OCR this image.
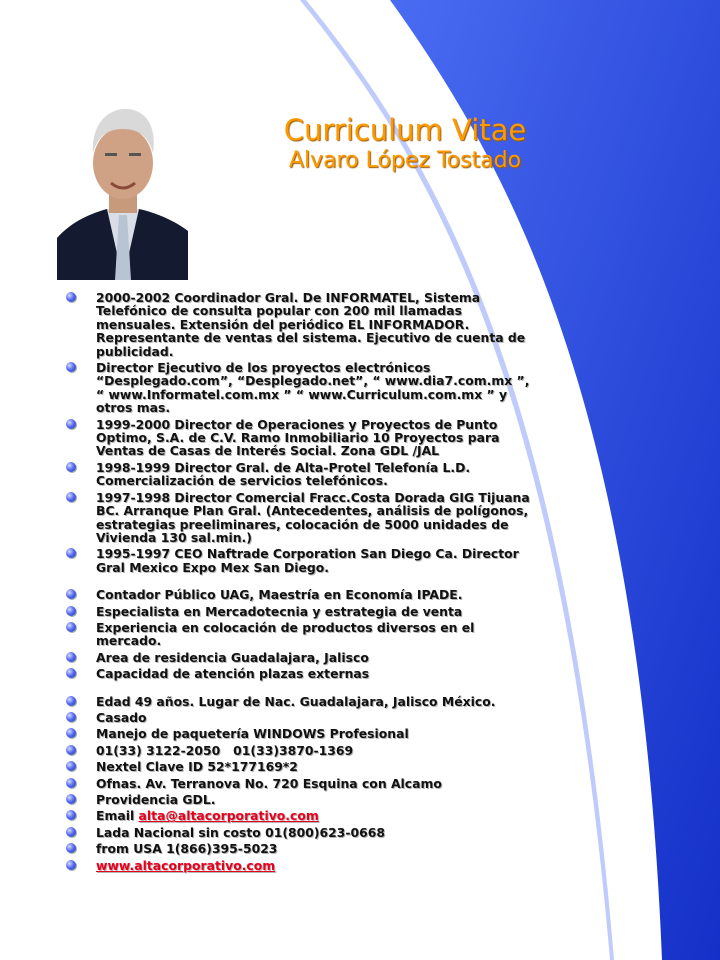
Curriculum Vitae
Alvaro López Tostado
2000-2002 Coordinador Gral. De INFORMATEL, Sistema Telefónico de consulta popular con 200 mil llamadas mensuales. Extensión del periódico EL INFORMADOR. Representante de ventas del sistema. Ejecutivo de cuenta de publicidad.
Director Ejecutivo de los proyectos electrónicos “Desplegado.com”, “Desplegado.net”, “ www.dia7.com.mx ”, “ www.Informatel.com.mx ” “ www.Curriculum.com.mx ” y otros mas.
1999-2000 Director de Operaciones y Proyectos de Punto Optimo, S.A. de C.V. Ramo Inmobiliario 10 Proyectos para Ventas de Casas de Interés Social. Zona GDL /JAL
1998-1999 Director Gral. de Alta-Protel Telefonía L.D. Comercialización de servicios telefónicos.
1997-1998 Director Comercial Fracc.Costa Dorada GIG Tijuana BC. Arranque Plan Gral. (Antecedentes, análisis de polígonos, estrategias preeliminares, colocación de 5000 unidades de Vivienda 130 sal.min.)
1995-1997 CEO Naftrade Corporation San Diego Ca. Director Gral Mexico Expo Mex San Diego.
Contador Público UAG, Maestría en Economía IPADE.
Especialista en Mercadotecnia y estrategia de venta
Experiencia en colocación de productos diversos en el mercado.
Area de residencia Guadalajara, Jalisco
Capacidad de atención plazas externas
Edad 49 años. Lugar de Nac. Guadalajara, Jalisco México.
Casado
Manejo de paquetería WINDOWS Profesional
01(33) 3122-2050   01(33)3870-1369
Nextel Clave ID 52*177169*2
Ofnas. Av. Terranova No. 720 Esquina con Alcamo
Providencia GDL.
Email alta@altacorporativo.com
Lada Nacional sin costo 01(800)623-0668
from USA 1(866)395-5023
www.altacorporativo.com
